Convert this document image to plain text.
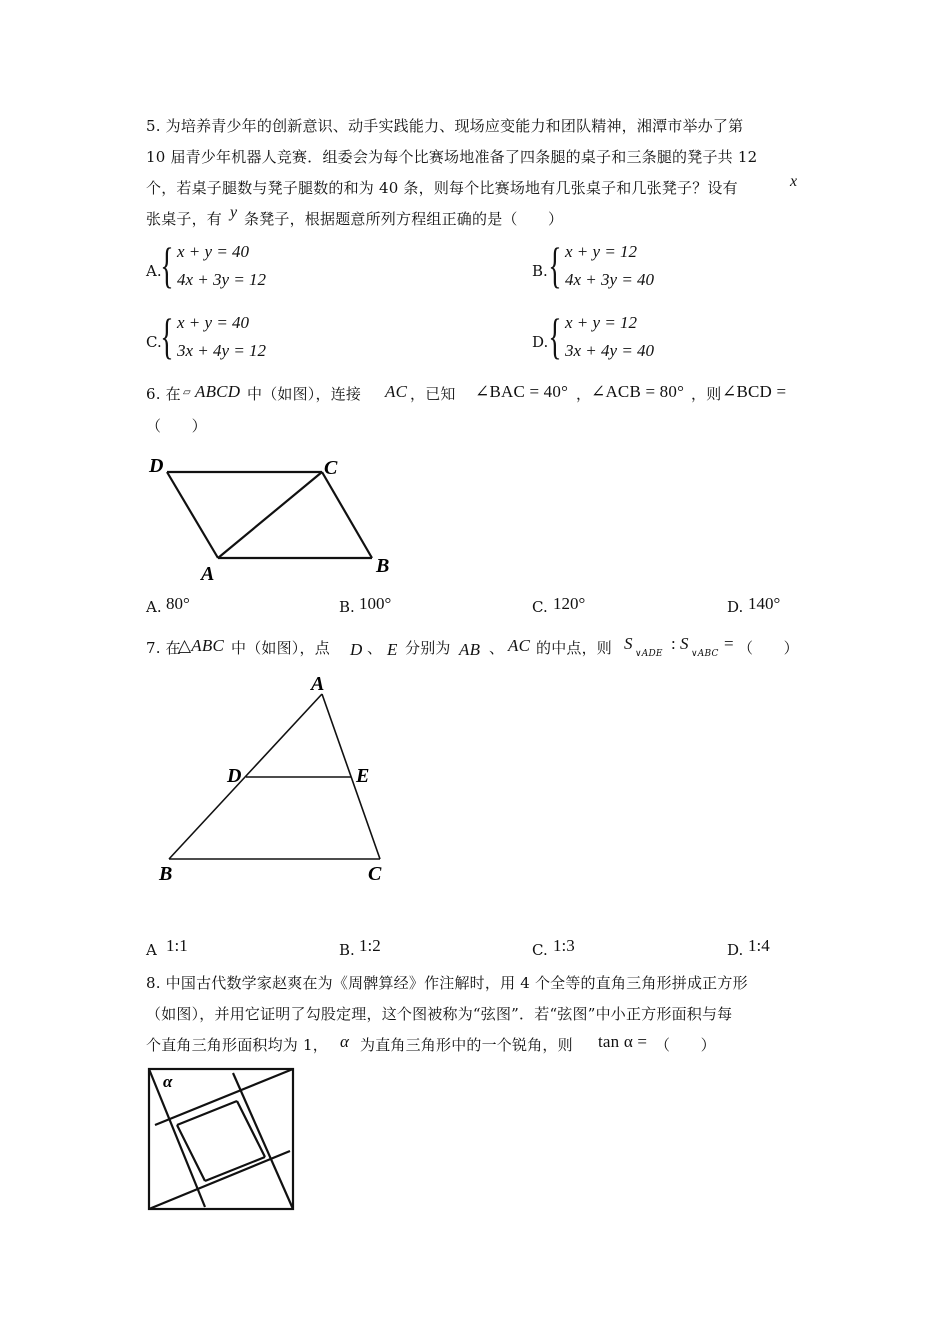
5. 为培养青少年的创新意识、动手实践能力、现场应变能力和团队精神，湘潭市举办了第
10 届青少年机器人竞赛．组委会为每个比赛场地准备了四条腿的桌子和三条腿的凳子共 12
个，若桌子腿数与凳子腿数的和为 40 条，则每个比赛场地有几张桌子和几张凳子？设有	x
张桌子，有 y 条凳子，根据题意所列方程组正确的是（　　）
A.
{ x + y = 40
4x + 3y = 12	B. { x + y = 12
4x + 3y = 40
C.
{ x + y = 40
3x + 4y = 12	D. { x + y = 12
3x + 4y = 40
6. 在 ▱ ABCD 中（如图），连接 AC ，已知 ∠BAC = 40° ， ∠ACB = 80° ，则 ∠BCD =
（　　）
D	C
A	B
A. 80°	B. 100°	C. 120°	D. 140°
7. 在
△ABC 中（如图），点 D 、 E 分别为 AB 、 AC 的中点，则 S
∨ADE
: S
∨ABC
= （　　）
A
D	E
B	C
A 1:1	B. 1:2	C. 1:3	D. 1:4
8. 中国古代数学家赵爽在为《周髀算经》作注解时，用 4 个全等的直角三角形拼成正方形
（如图），并用它证明了勾股定理，这个图被称为“弦图”．若“弦图”中小正方形面积与每
个直角三角形面积均为 1， α 为直角三角形中的一个锐角，则 tan α = （　　）
α
